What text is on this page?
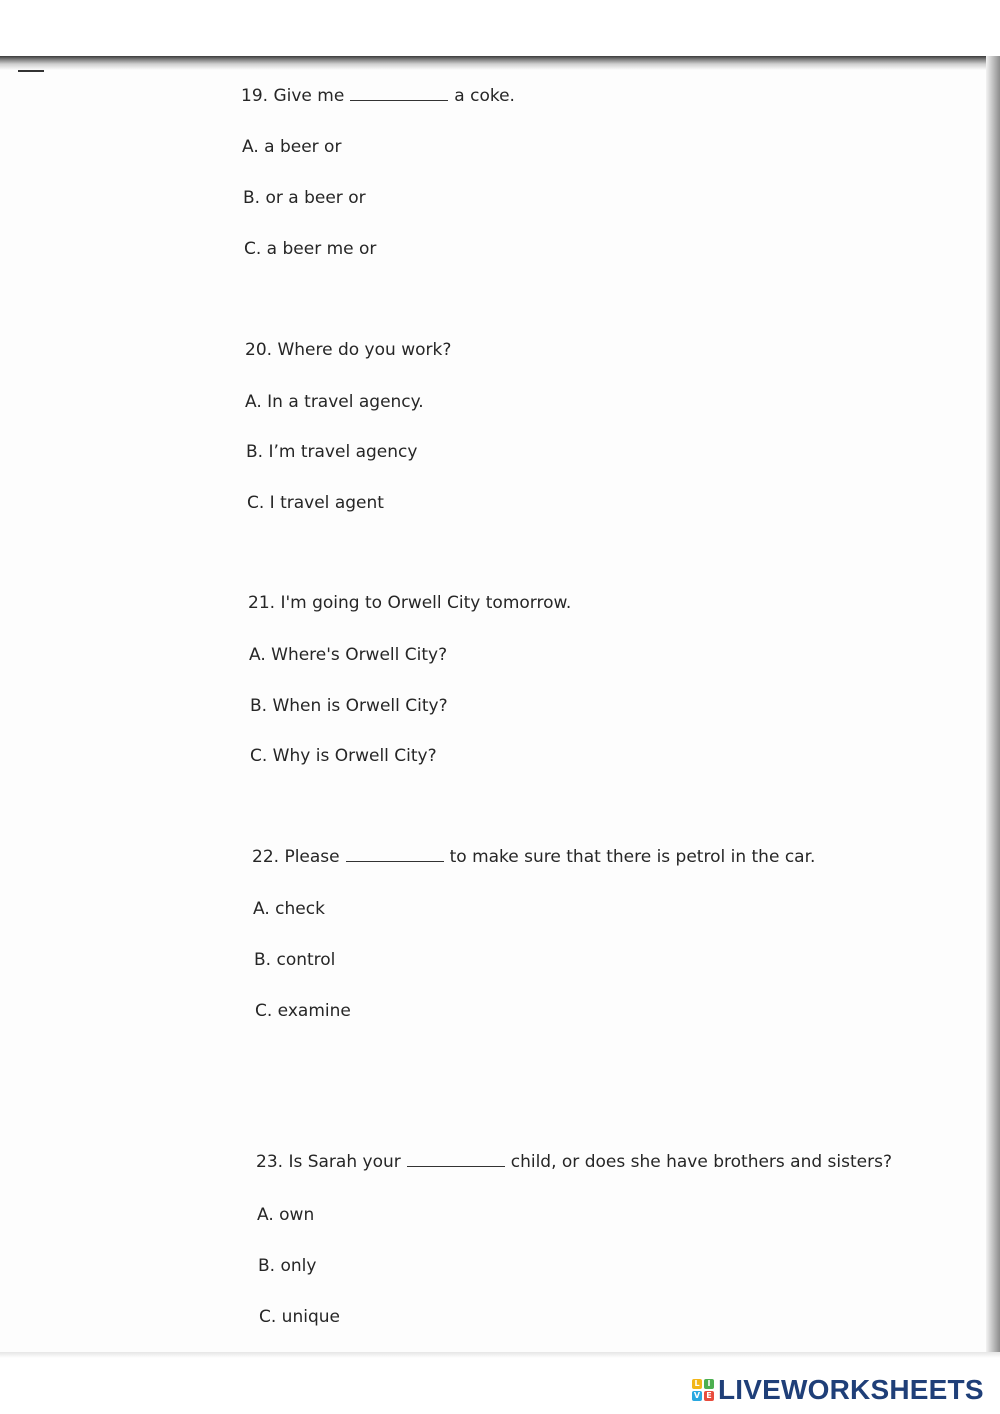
19. Give me	a coke.

A. a beer or

B. or a beer or

C. a beer me or

20. Where do you work?

A. In a travel agency.

B. I’m travel agency

C. I travel agent

21. I'm going to Orwell City tomorrow.

A. Where's Orwell City?

B. When is Orwell City?

C. Why is Orwell City?

22. Please	to make sure that there is petrol in the car.

A. check

B. control

C. examine

23. Is Sarah your	child, or does she have brothers and sisters?

A. own

B. only

C. unique

L I
V E LIVEWORKSHEETS
